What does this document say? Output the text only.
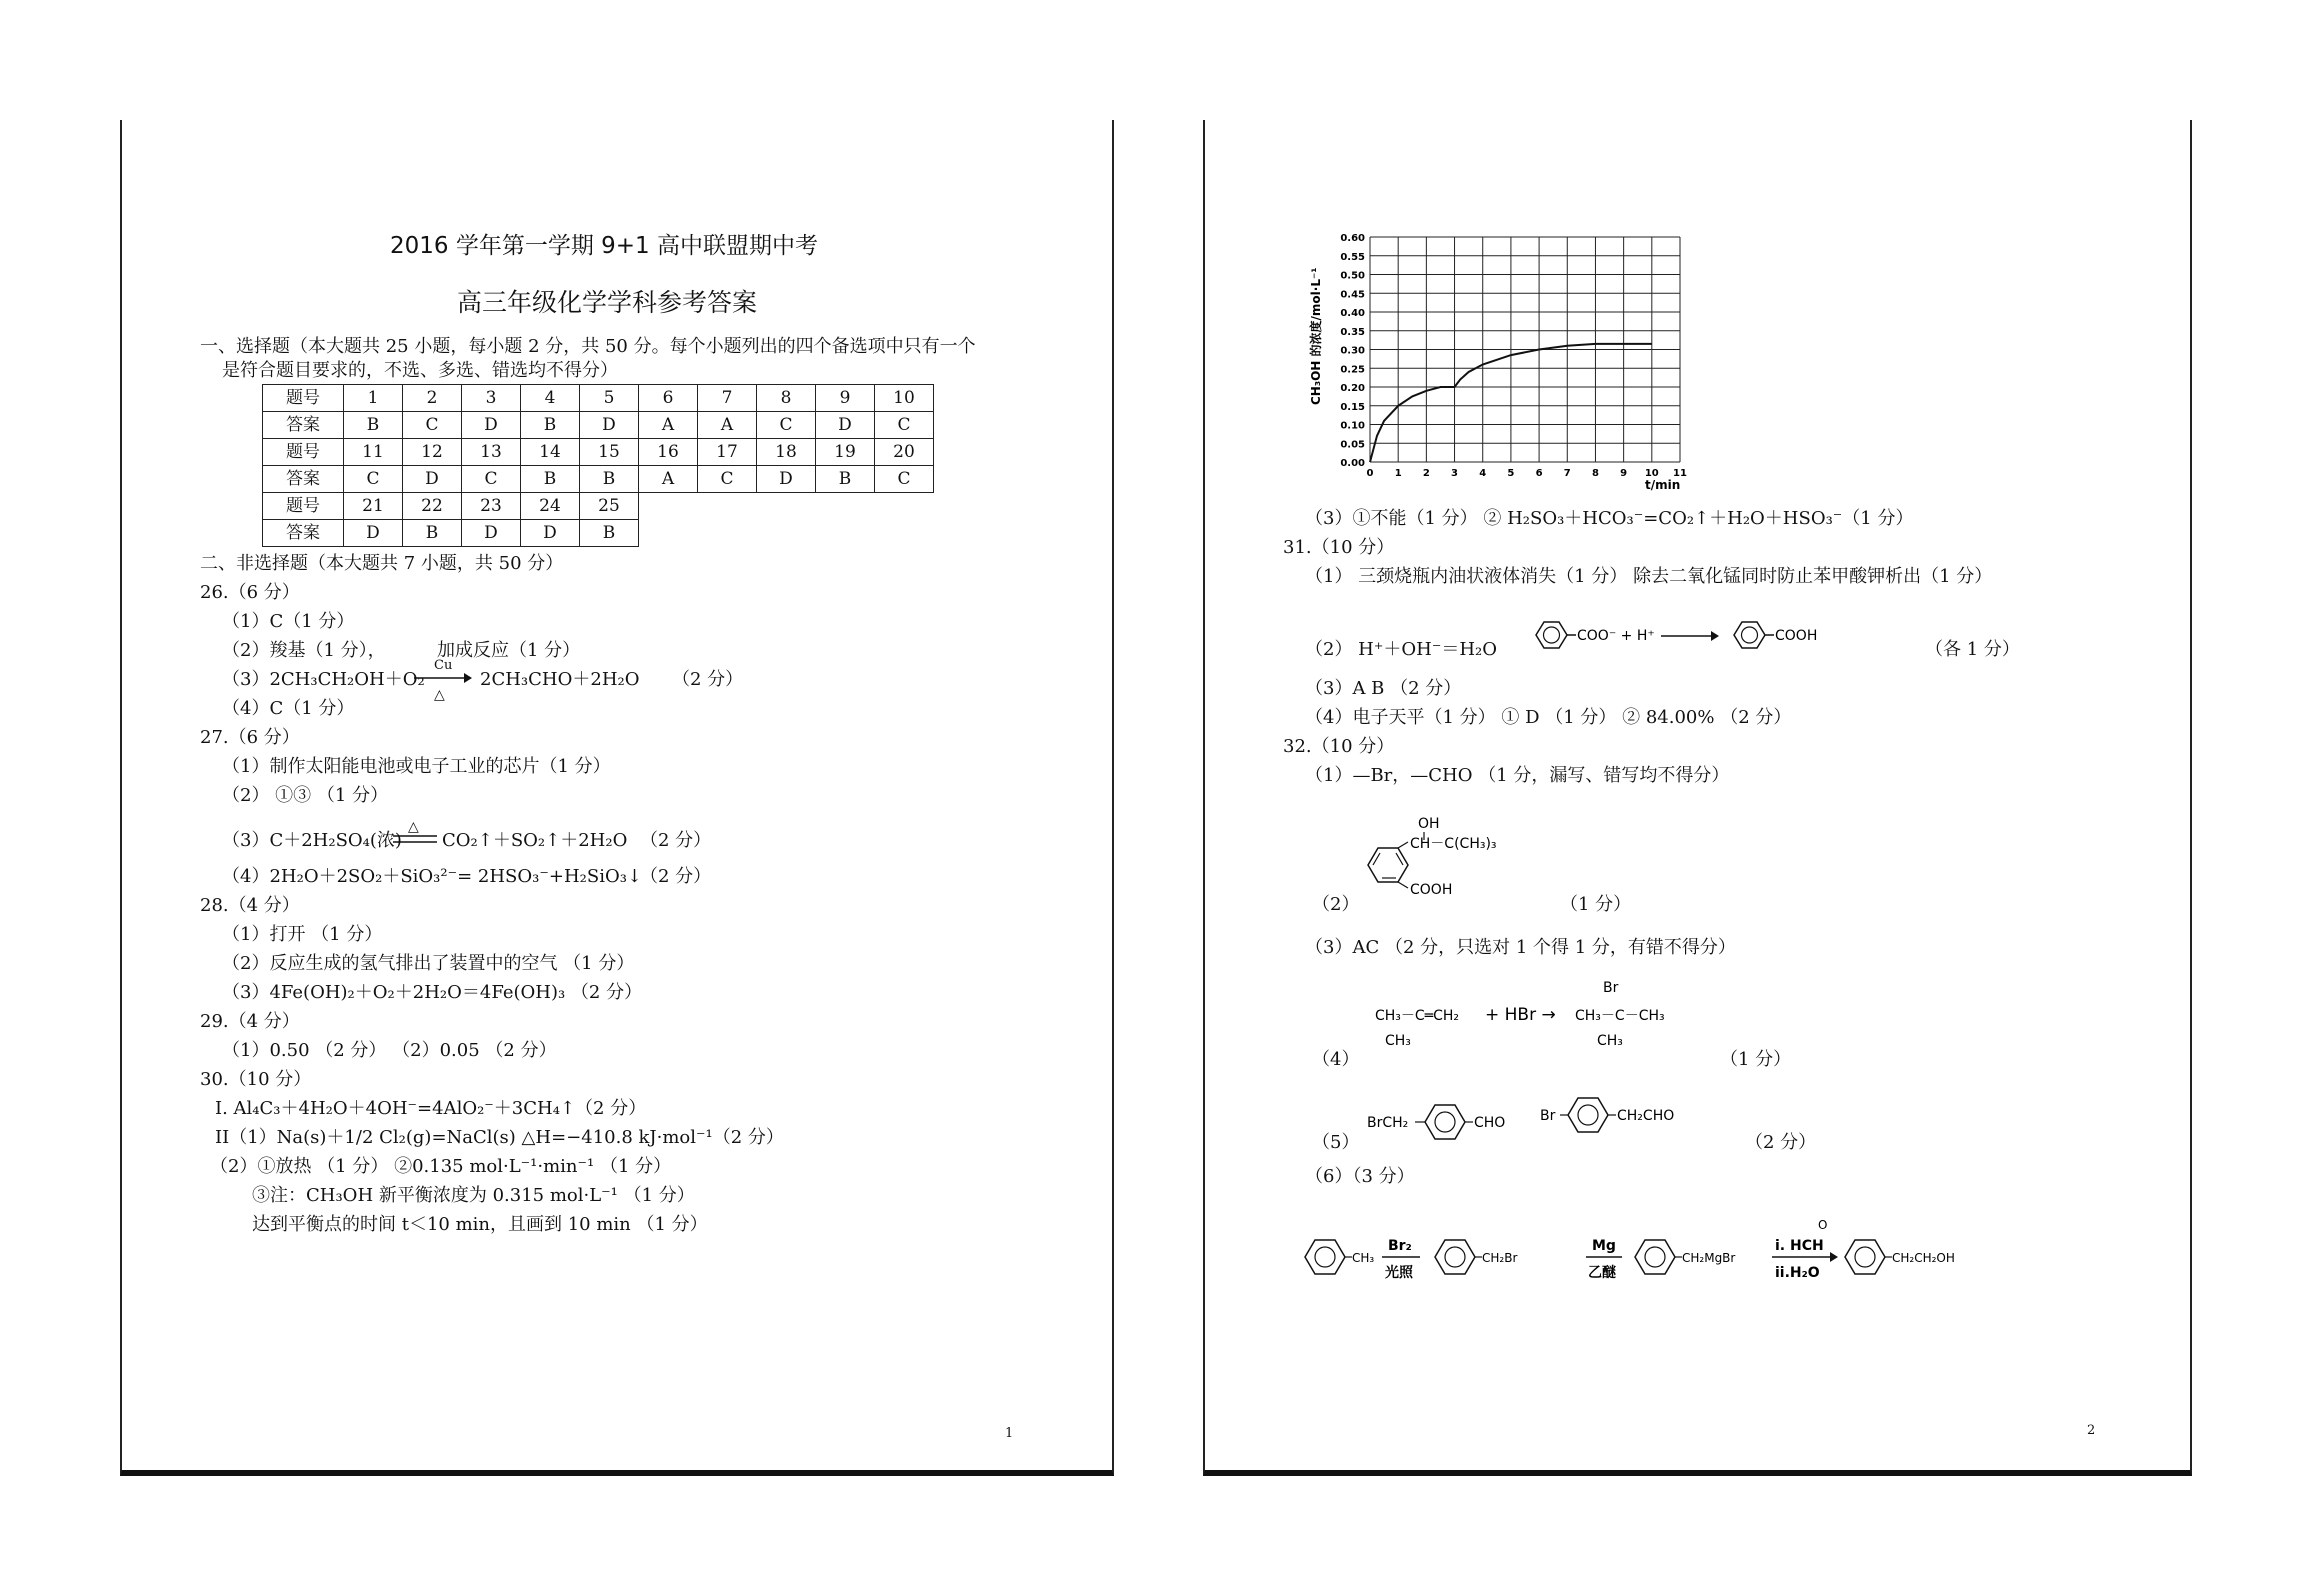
2016 学年第一学期 9+1 高中联盟期中考
高三年级化学学科参考答案
一、选择题（本大题共 25 小题，每小题 2 分，共 50 分。每个小题列出的四个备选项中只有一个
是符合题目要求的，不选、多选、错选均不得分）
题号	1	2	3	4	5	6	7	8	9	10
答案	B	C	D	B	D	A	A	C	D	C
题号	11	12	13	14	15	16	17	18	19	20
答案	C	D	C	B	B	A	C	D	B	C
题号	21	22	23	24	25					
答案	D	B	D	D	B					
二、非选择题（本大题共 7 小题，共 50 分）
26.（6 分）
（1）C（1 分）
（2）羧基（1 分），	加成反应（1 分）
（3）2CH₃CH₂OH＋O₂
Cu
△
2CH₃CHO＋2H₂O （2 分）
（4）C（1 分）
27.（6 分）
（1）制作太阳能电池或电子工业的芯片（1 分）
（2） ①③ （1 分）
（3）C＋2H₂SO₄(浓)
△
CO₂↑＋SO₂↑＋2H₂O （2 分）
（4）2H₂O＋2SO₂＋SiO₃²⁻= 2HSO₃⁻+H₂SiO₃↓
（2 分）
28.（4 分）
（1）打开 （1 分）
（2）反应生成的氢气排出了装置中的空气 （1 分）
（3）4Fe(OH)₂＋O₂＋2H₂O＝4Fe(OH)₃ （2 分）
29.（4 分）
（1）0.50 （2 分） （2）0.05 （2 分）
30.（10 分）
I. Al₄C₃＋4H₂O＋4OH⁻=4AlO₂⁻＋3CH₄↑（2 分）
II（1）Na(s)＋1/2 Cl₂(g)=NaCl(s) △H=−410.8 kJ·mol⁻¹（2 分）
（2）①放热 （1 分） ②0.135 mol·L⁻¹·min⁻¹ （1 分）
③注：CH₃OH 新平衡浓度为 0.315 mol·L⁻¹ （1 分）
达到平衡点的时间 t＜10 min，且画到 10 min （1 分）
1
0 1 2 3 4 5 6 7 8 9 10 11
0.00
0.05
0.10
0.15
0.20
0.25
0.30
0.35
0.40
0.45
0.50
0.55
0.60
CH₃OH 的浓度/mol·L⁻¹
t/min
（3）①不能（1 分） ② H₂SO₃＋HCO₃⁻=CO₂↑＋H₂O＋HSO₃⁻（1 分）
31.（10 分）
（1） 三颈烧瓶内油状液体消失（1 分） 除去二氧化锰同时防止苯甲酸钾析出（1 分）
（2） H⁺＋OH⁻＝H₂O
COO⁻ + H⁺	COOH
（各 1 分）
（3）A B （2 分）
（4）电子天平（1 分） ① D （1 分） ② 84.00% （2 分）
32.（10 分）
（1）—Br，—CHO （1 分，漏写、错写均不得分）
OH
CH－C(CH₃)₃
COOH
（2）	（1 分）
（3）AC （2 分，只选对 1 个得 1 分，有错不得分）
CH₃－C═CH₂
CH₃
+ HBr →
Br
CH₃－C－CH₃
CH₃
（4）	（1 分）
BrCH₂	CHO Br	CH₂CHO
（5）	（2 分）
（6）（3 分）
CH₃
Br₂
光照
CH₂Br
Mg
乙醚
CH₂MgBr
O
i. HCH
ii.H₂O
CH₂CH₂OH
2
